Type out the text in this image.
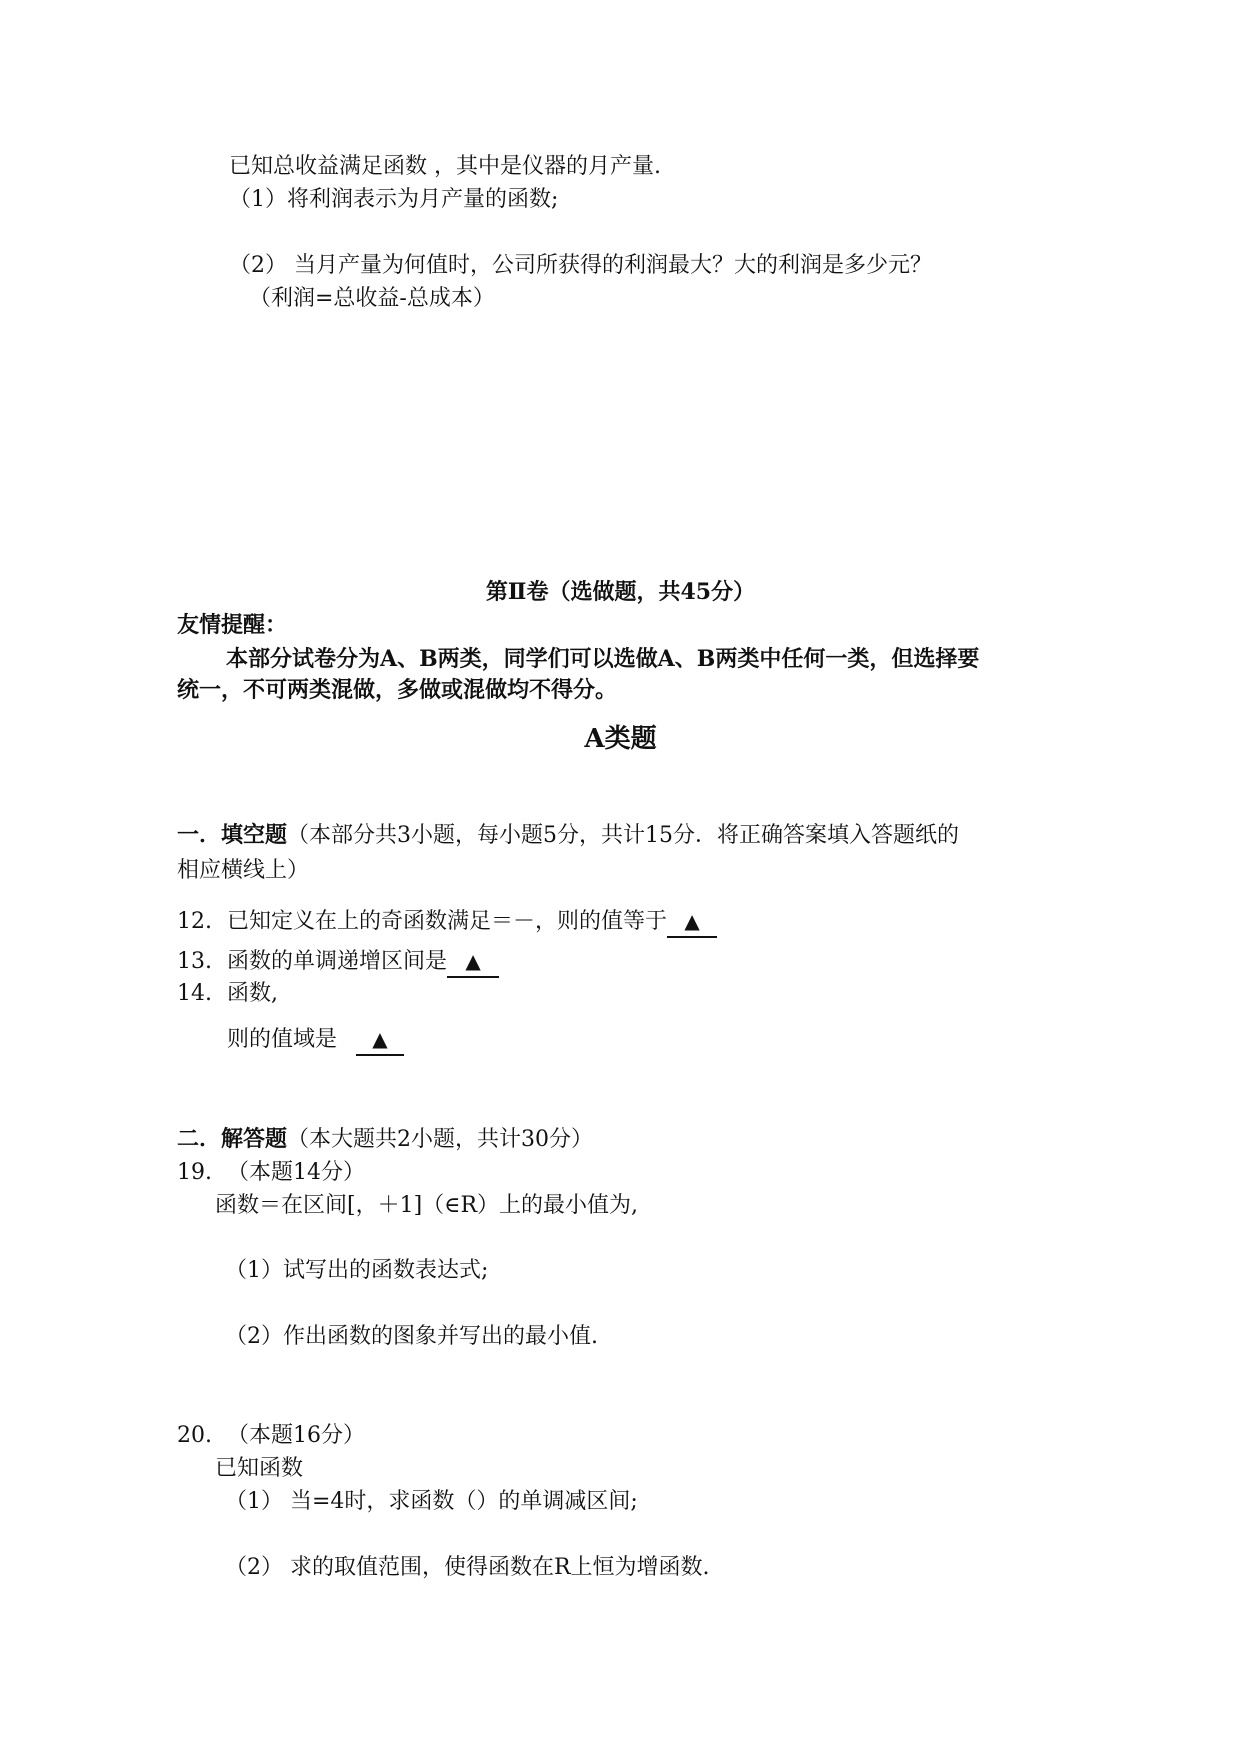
已知总收益满足函数 ，其中是仪器的月产量.
（1）将利润表示为月产量的函数;
（2） 当月产量为何值时，公司所获得的利润最大？大的利润是多少元？
（利润=总收益-总成本）
第Ⅱ卷（选做题，共45分）
友情提醒：
本部分试卷分为A、B两类，同学们可以选做A、B两类中任何一类，但选择要
统一，不可两类混做，多做或混做均不得分。
A类题
一．填空题（本部分共3小题，每小题5分，共计15分．将正确答案填入答题纸的
相应横线上）
12. 已知定义在上的奇函数满足＝－，则的值等于 ▲
13. 函数的单调递增区间是 ▲
14. 函数,
则的值域是 ▲
二．解答题（本大题共2小题，共计30分）
19. （本题14分）
函数＝在区间[，＋1]（∈R）上的最小值为,
（1）试写出的函数表达式;
（2）作出函数的图象并写出的最小值.
20. （本题16分）
已知函数
（1） 当=4时，求函数（）的单调减区间;
（2） 求的取值范围，使得函数在R上恒为增函数.
